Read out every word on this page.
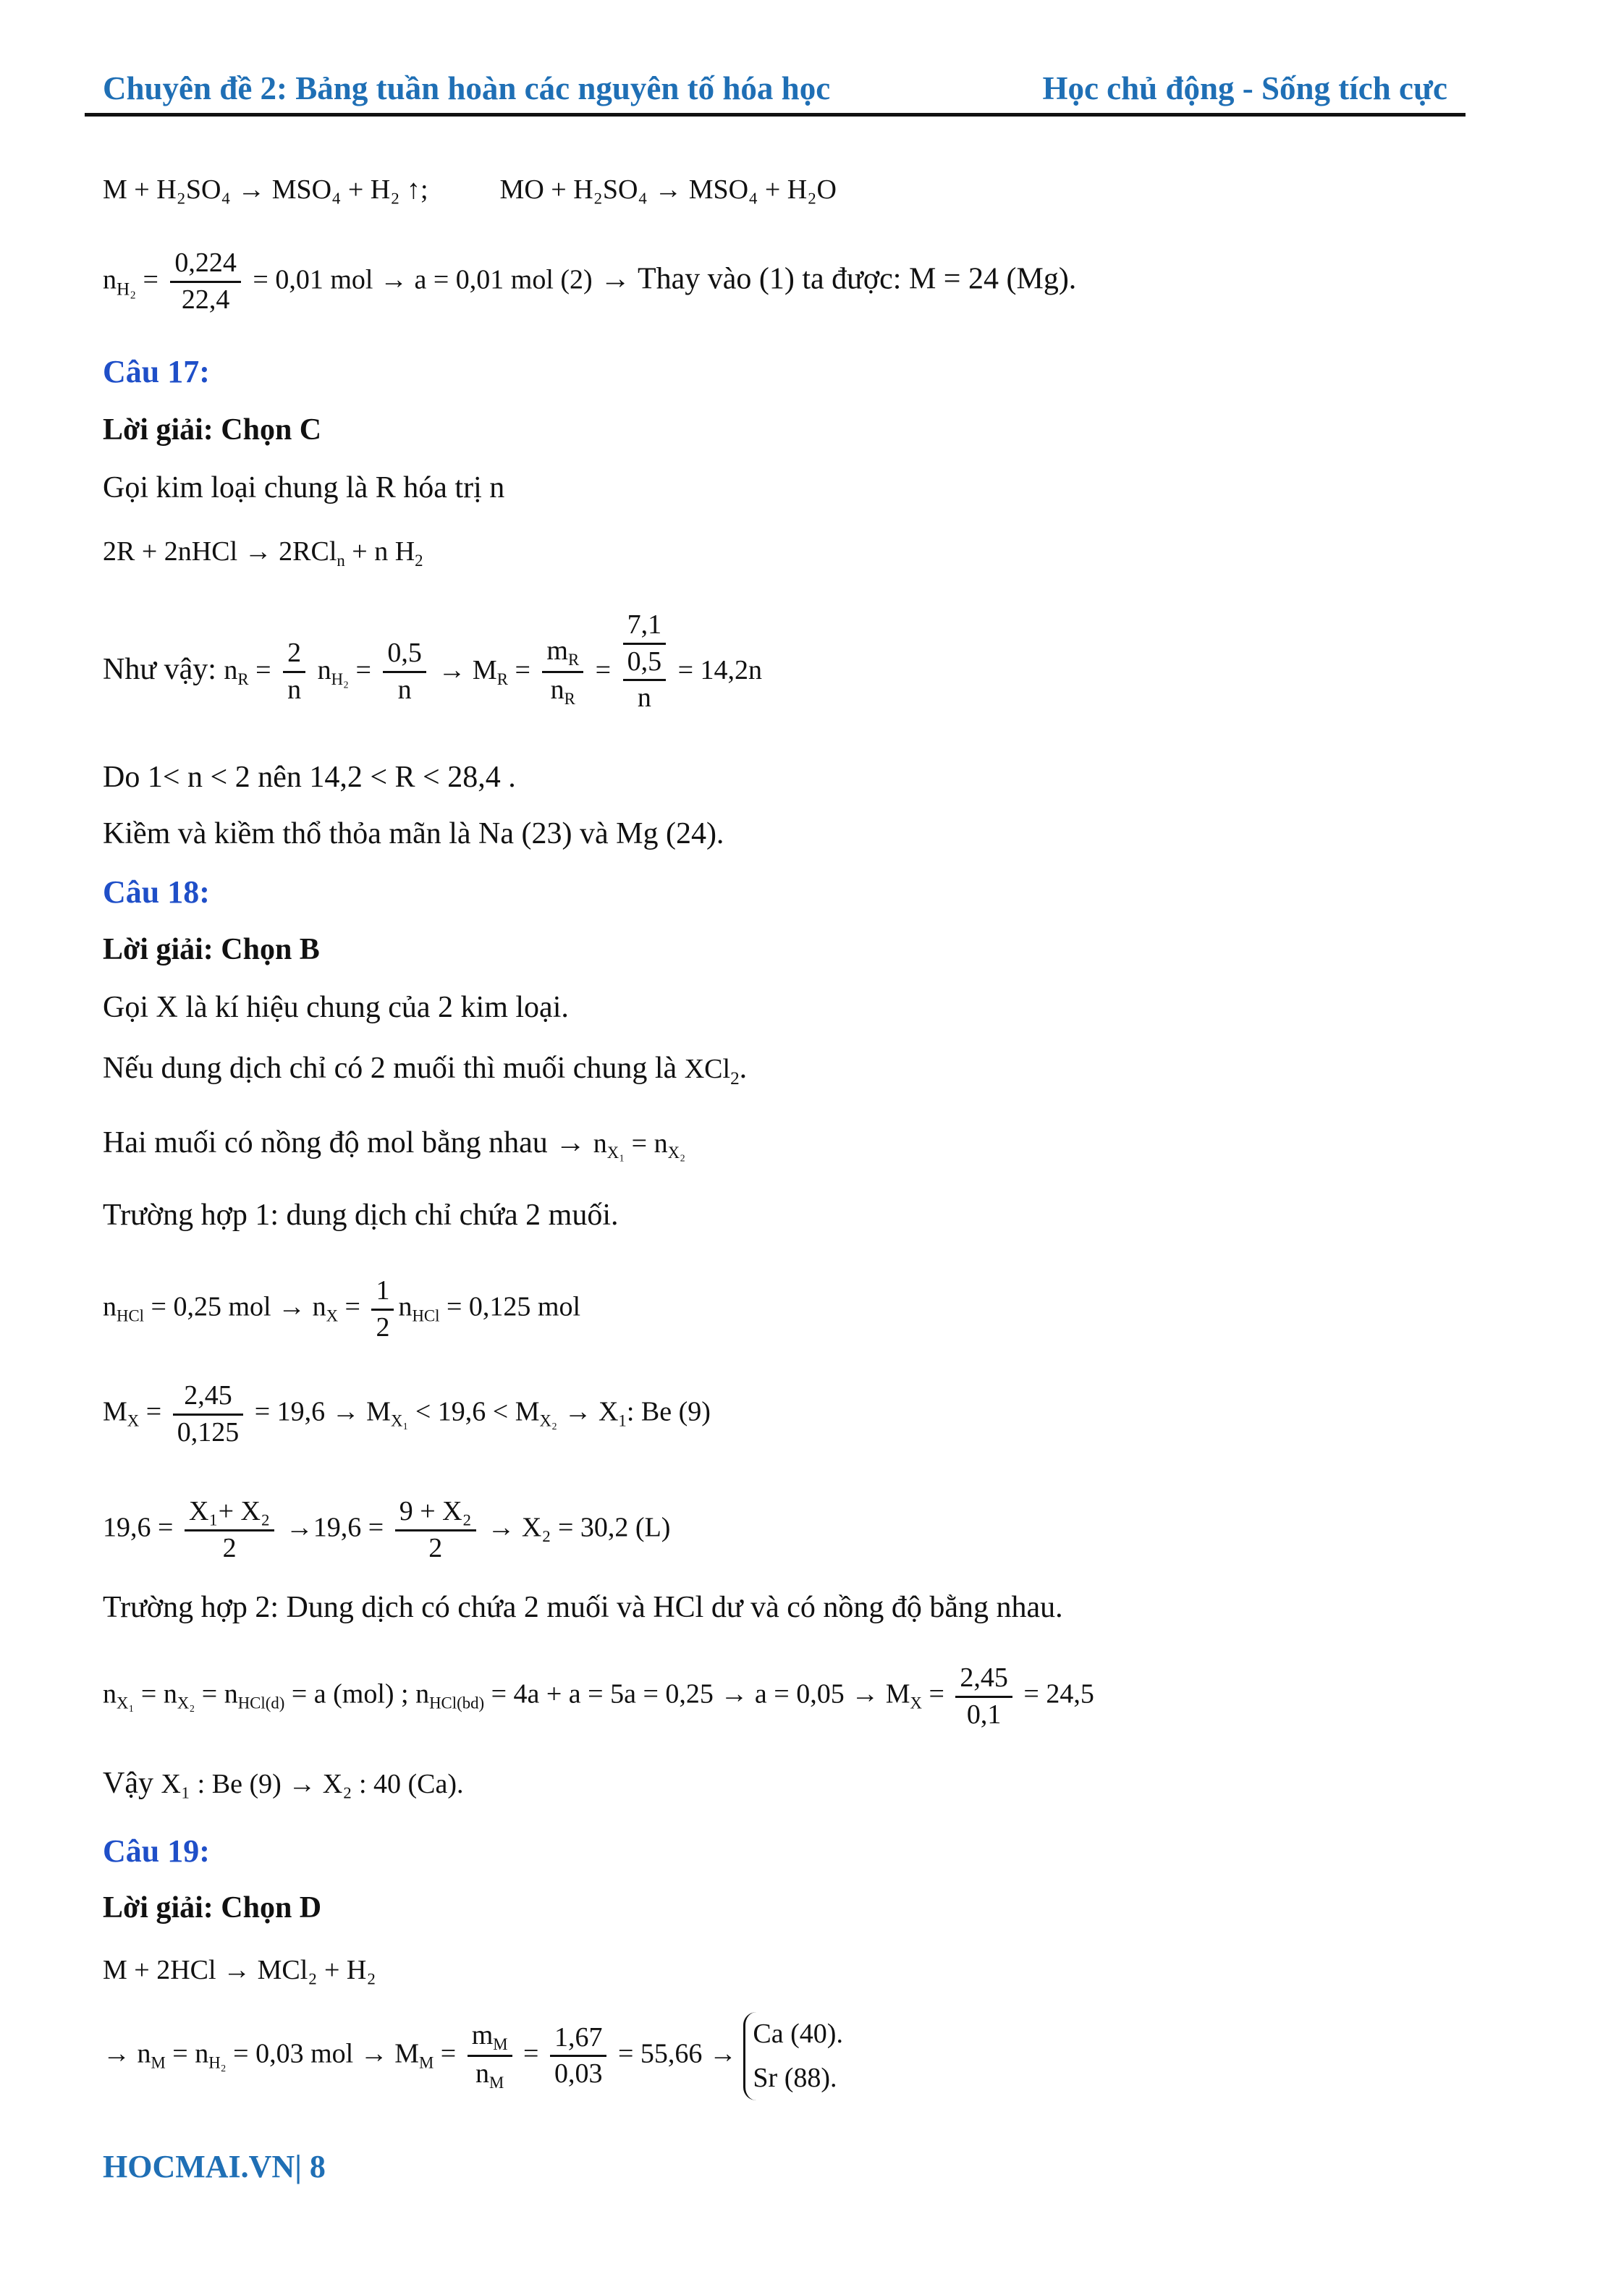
Chuyên đề 2: Bảng tuần hoàn các nguyên tố hóa học	Học chủ động - Sống tích cực
M + H₂SO₄ → MSO₄ + H₂ ↑;	MO + H₂SO₄ → MSO₄ + H₂O
$n_{H_2} = \frac{0,224}{22,4} = 0,01$ mol → a = 0,01 mol (2) → Thay vào (1) ta được: M = 24 (Mg).
Câu 17:
Lời giải: Chọn C
Gọi kim loại chung là R hóa trị n
2R + 2nHCl → 2RCl$_n$ + n $H_2$
Như vậy: $n_R = \frac{2}{n} n_{H_2} = \frac{0,5}{n} \to M_R = \frac{m_R}{n_R}$ =
7,1
0,5
n
= 14,2n
Do 1< n < 2 nên 14,2 < R < 28,4 .
Kiềm và kiềm thổ thỏa mãn là Na (23) và Mg (24).
Câu 18:
Lời giải: Chọn B
Gọi X là kí hiệu chung của 2 kim loại.
Nếu dung dịch chỉ có 2 muối thì muối chung là XCl$_2$.
Hai muối có nồng độ mol bằng nhau → $n_{X_1} = n_{X_2}$
Trường hợp 1: dung dịch chỉ chứa 2 muối.
$n_{HCl} = 0,25$ mol → $n_X = \frac{1}{2} n_{HCl} = 0,125$ mol
$M_X = \frac{2,45}{0,125} = 19,6 \to M_{X_1} < 19,6 < M_{X_2} \to X_1$: Be (9)
$19,6 = \frac{\text{X₁+ X₂}}{2} \to 19,6 = \frac{\text{9 + X₂}}{2} \to X_2 = 30,2$ (L)
Trường hợp 2: Dung dịch có chứa 2 muối và HCl dư và có nồng độ bằng nhau.
$n_{X_1} = n_{X_2} = n_{HCl(d)} = a$ (mol) ; $n_{HCl(bd)} = 4a + a = 5a = 0,25 \to a = 0,05 \to M_X = \frac{2,45}{0,1} = 24,5$
Vậy X₁ : Be (9) → X₂ : 40 (Ca).
Câu 19:
Lời giải: Chọn D
M + 2HCl → MCl₂ + H₂
→ $n_M = n_{H_2} = 0,03$ mol → $M_M = \frac{m_M}{n_M} = \frac{1,67}{0,03} = 55,66$ →
Ca (40).
Sr (88).
HOCMAI.VN| 8
